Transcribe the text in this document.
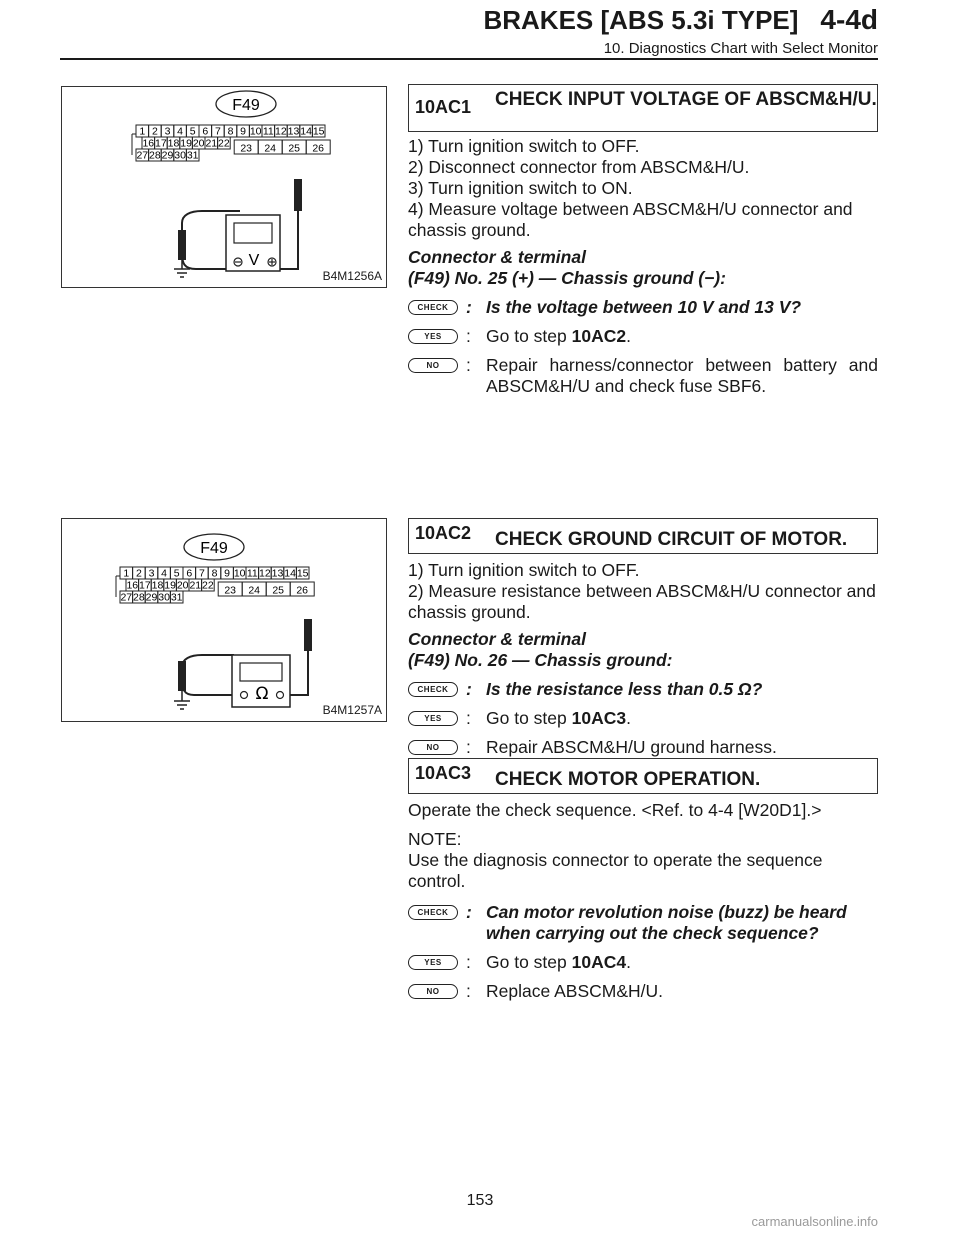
BRAKES [ABS 5.3i TYPE] 4-4d
10. Diagnostics Chart with Select Monitor
F49
1 2 3 4 5 6 7 8 9 10 11 12 13 14 15
16 17 18 19 20 21 22
27 28 29 30 31
23 24 25 26
V
B4M1256A
F49
1 2 3 4 5 6 7 8 9 10 11 12 13 14 15
16 17 18 19 20 21 22
27 28 29 30 31
23 24 25 26
Ω
B4M1257A
10AC1	CHECK INPUT VOLTAGE OF ABSCM&H/U.

1) Turn ignition switch to OFF.

2) Disconnect connector from ABSCM&H/U.

3) Turn ignition switch to ON.

4) Measure voltage between ABSCM&H/U connector and chassis ground.

Connector & terminal

(F49) No. 25 (+) — Chassis ground (−):

CHECK	: Is the voltage between 10 V and 13 V?
YES	: Go to step 10AC2.
NO	: Repair harness/connector between battery and ABSCM&H/U and check fuse SBF6.
10AC2	CHECK GROUND CIRCUIT OF MOTOR.

1) Turn ignition switch to OFF.

2) Measure resistance between ABSCM&H/U connector and chassis ground.

Connector & terminal

(F49) No. 26 — Chassis ground:

CHECK	: Is the resistance less than 0.5 Ω?
YES	: Go to step 10AC3.
NO	: Repair ABSCM&H/U ground harness.
10AC3	CHECK MOTOR OPERATION.

Operate the check sequence. <Ref. to 4-4 [W20D1].>

NOTE:

Use the diagnosis connector to operate the sequence control.

CHECK	: Can motor revolution noise (buzz) be heard when carrying out the check sequence?
YES	: Go to step 10AC4.
NO	: Replace ABSCM&H/U.
153
carmanualsonline.info
